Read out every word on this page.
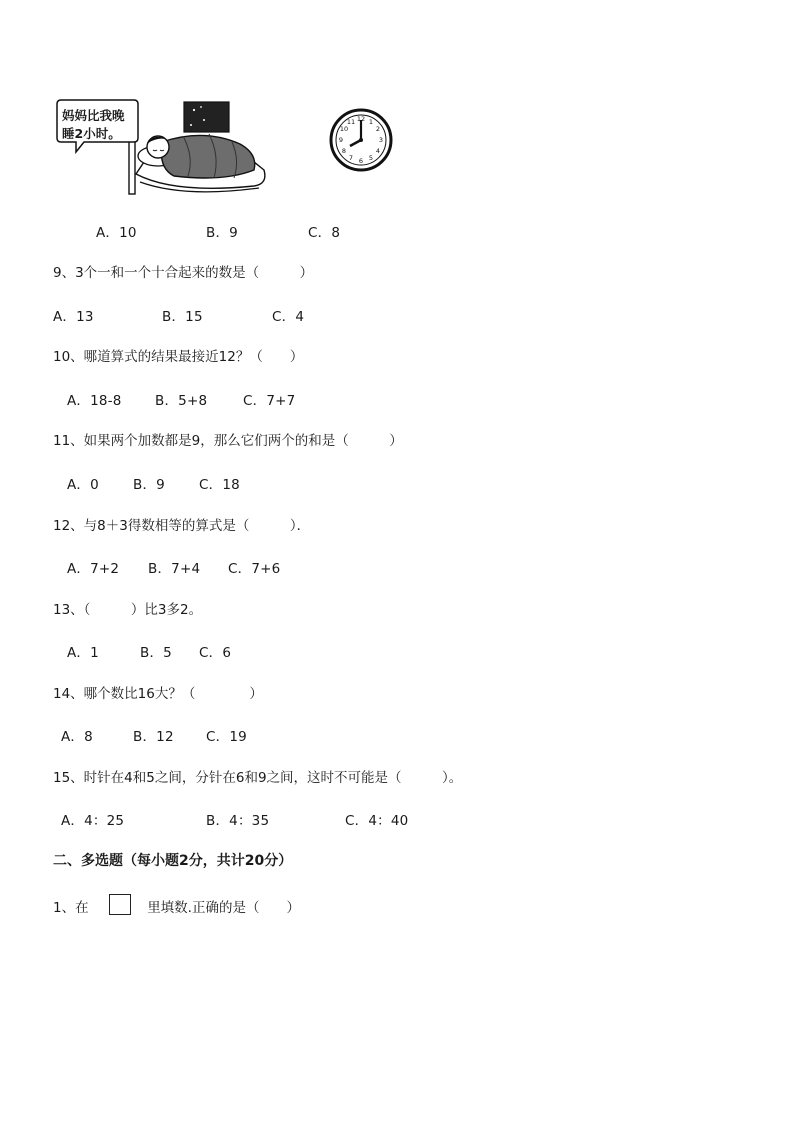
妈妈比我晚
睡2小时。
12 1
2
3
4
5
6
7
8
9
10
11
A．10	B．9	C．8
9、3个一和一个十合起来的数是（　　　）
A．13	B．15	C．4
10、哪道算式的结果最接近12？（　　）
A．18-8 B．5+8	C．7+7
11、如果两个加数都是9，那么它们两个的和是（　　　）
A．0	B．9	C．18
12、与8＋3得数相等的算式是（　　　）．
A．7+2 B．7+4 C．7+6
13、（　　　）比3多2。
A．1	B．5 C．6
14、哪个数比16大？（　　　　）
A．8	B．12 C．19
15、时针在4和5之间，分针在6和9之间，这时不可能是（　　　）。
A．4：25	B．4：35	C．4：40
二、多选题（每小题2分，共计20分）
1、在	里填数.正确的是（　　）
